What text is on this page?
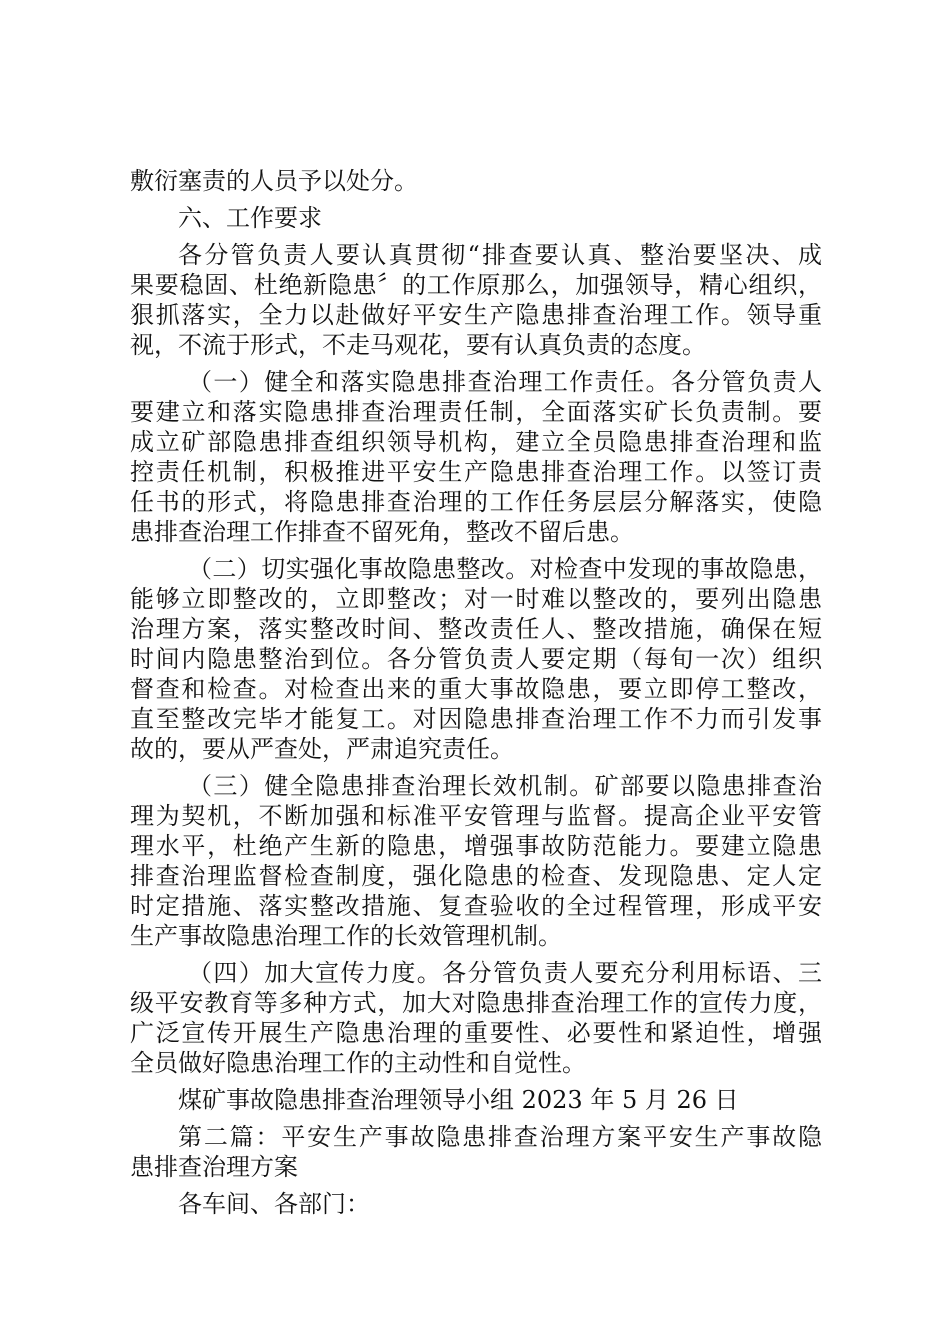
敷衍塞责的人员予以处分。
六、工作要求
各分管负责人要认真贯彻“排查要认真、整治要坚决、成
果要稳固、杜绝新隐患〞的工作原那么，加强领导，精心组织，
狠抓落实，全力以赴做好平安生产隐患排查治理工作。领导重
视，不流于形式，不走马观花，要有认真负责的态度。
（一）健全和落实隐患排查治理工作责任。各分管负责人
要建立和落实隐患排查治理责任制，全面落实矿长负责制。要
成立矿部隐患排查组织领导机构，建立全员隐患排查治理和监
控责任机制，积极推进平安生产隐患排查治理工作。以签订责
任书的形式，将隐患排查治理的工作任务层层分解落实，使隐
患排查治理工作排查不留死角，整改不留后患。
（二）切实强化事故隐患整改。对检查中发现的事故隐患，
能够立即整改的，立即整改；对一时难以整改的，要列出隐患
治理方案，落实整改时间、整改责任人、整改措施，确保在短
时间内隐患整治到位。各分管负责人要定期（每旬一次）组织
督查和检查。对检查出来的重大事故隐患，要立即停工整改，
直至整改完毕才能复工。对因隐患排查治理工作不力而引发事
故的，要从严查处，严肃追究责任。
（三）健全隐患排查治理长效机制。矿部要以隐患排查治
理为契机，不断加强和标准平安管理与监督。提高企业平安管
理水平，杜绝产生新的隐患，增强事故防范能力。要建立隐患
排查治理监督检查制度，强化隐患的检查、发现隐患、定人定
时定措施、落实整改措施、复查验收的全过程管理，形成平安
生产事故隐患治理工作的长效管理机制。
（四）加大宣传力度。各分管负责人要充分利用标语、三
级平安教育等多种方式，加大对隐患排查治理工作的宣传力度，
广泛宣传开展生产隐患治理的重要性、必要性和紧迫性，增强
全员做好隐患治理工作的主动性和自觉性。
煤矿事故隐患排查治理领导小组 2023 年 5 月 26 日
第二篇：平安生产事故隐患排查治理方案平安生产事故隐
患排查治理方案
各车间、各部门：
